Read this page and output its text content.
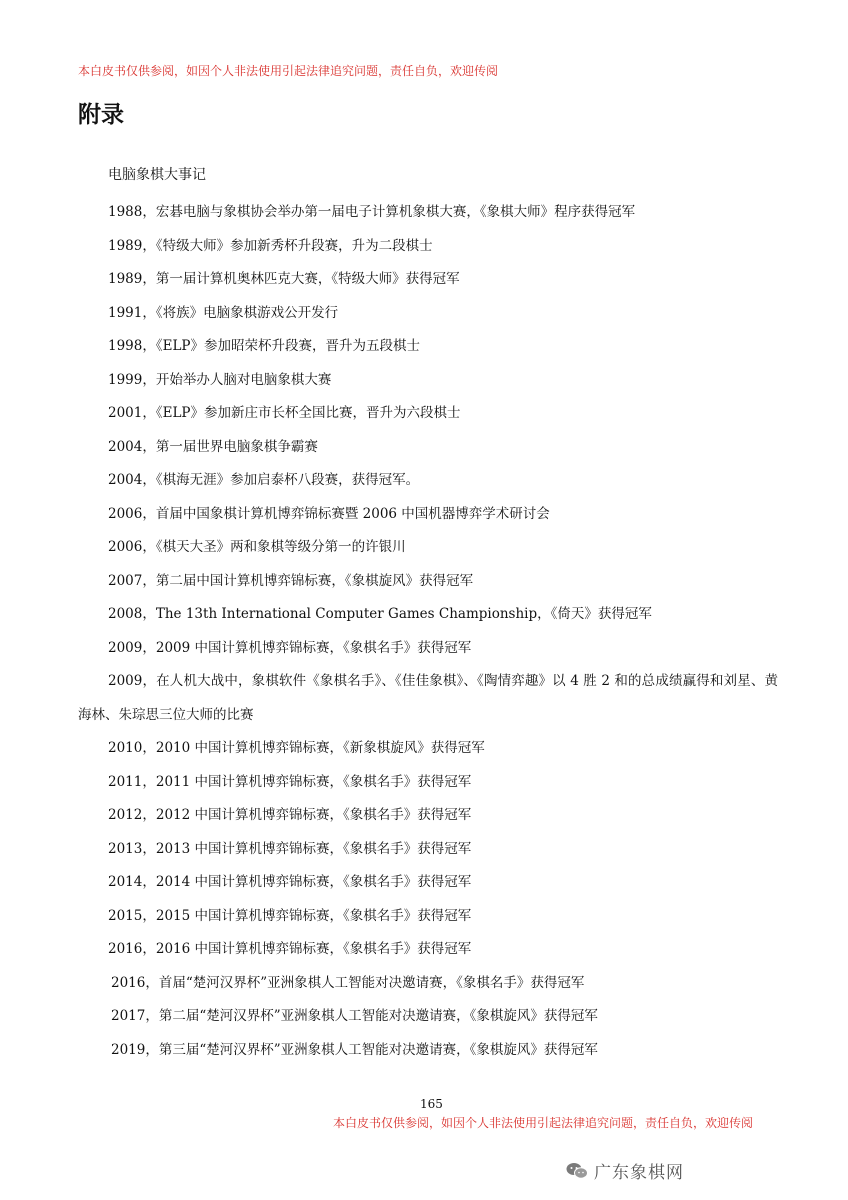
本白皮书仅供参阅，如因个人非法使用引起法律追究问题，责任自负，欢迎传阅
附录
电脑象棋大事记
1988，宏碁电脑与象棋协会举办第一届电子计算机象棋大赛，《象棋大师》程序获得冠军
1989，《特级大师》参加新秀杯升段赛，升为二段棋士
1989，第一届计算机奥林匹克大赛，《特级大师》获得冠军
1991，《将族》电脑象棋游戏公开发行
1998，《ELP》参加昭荣杯升段赛，晋升为五段棋士
1999，开始举办人脑对电脑象棋大赛
2001，《ELP》参加新庄市长杯全国比赛，晋升为六段棋士
2004，第一届世界电脑象棋争霸赛
2004，《棋海无涯》参加启泰杯八段赛，获得冠军。
2006，首届中国象棋计算机博弈锦标赛暨 2006 中国机器博弈学术研讨会
2006，《棋天大圣》两和象棋等级分第一的许银川
2007，第二届中国计算机博弈锦标赛，《象棋旋风》获得冠军
2008，The 13th International Computer Games Championship，《倚天》获得冠军
2009，2009 中国计算机博弈锦标赛，《象棋名手》获得冠军
2009，在人机大战中，象棋软件《象棋名手》、《佳佳象棋》、《陶情弈趣》以 4 胜 2 和的总成绩赢得和刘星、黄海林、朱琮思三位大师的比赛
2010，2010 中国计算机博弈锦标赛，《新象棋旋风》获得冠军
2011，2011 中国计算机博弈锦标赛，《象棋名手》获得冠军
2012，2012 中国计算机博弈锦标赛，《象棋名手》获得冠军
2013，2013 中国计算机博弈锦标赛，《象棋名手》获得冠军
2014，2014 中国计算机博弈锦标赛，《象棋名手》获得冠军
2015，2015 中国计算机博弈锦标赛，《象棋名手》获得冠军
2016，2016 中国计算机博弈锦标赛，《象棋名手》获得冠军
2016，首届“楚河汉界杯”亚洲象棋人工智能对决邀请赛，《象棋名手》获得冠军
2017，第二届“楚河汉界杯”亚洲象棋人工智能对决邀请赛，《象棋旋风》获得冠军
2019，第三届“楚河汉界杯”亚洲象棋人工智能对决邀请赛，《象棋旋风》获得冠军
165
本白皮书仅供参阅，如因个人非法使用引起法律追究问题，责任自负，欢迎传阅
广东象棋网
